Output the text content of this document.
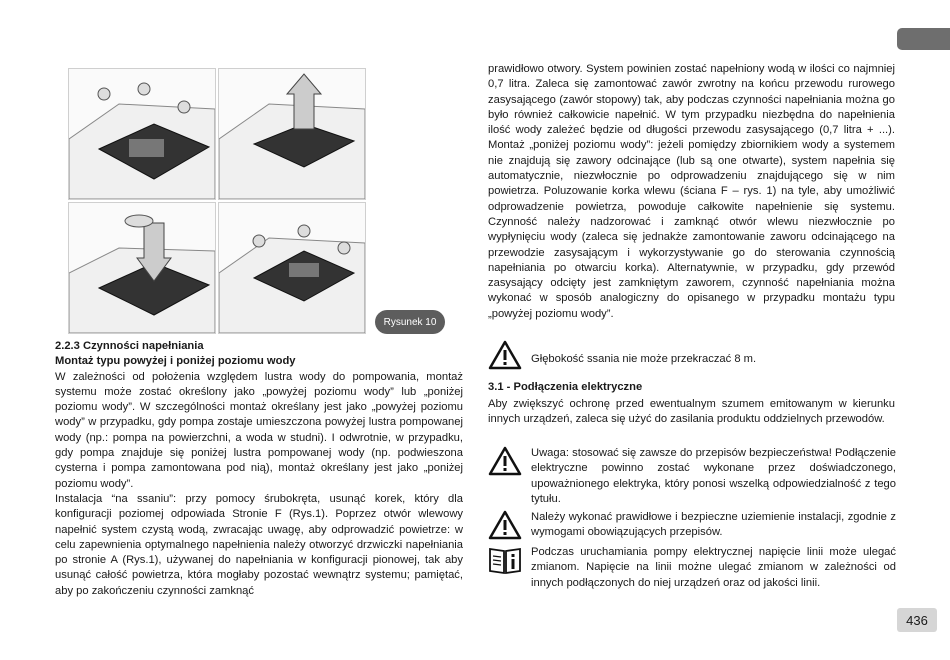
Rysunek 10

2.2.3 Czynności napełniania

Montaż typu powyżej i poniżej poziomu wody

W zależności od położenia względem lustra wody do pompowania, montaż systemu może zostać określony jako „powyżej poziomu wody” lub „poniżej poziomu wody”. W szczególności montaż określany jest jako „powyżej poziomu wody” w przypadku, gdy pompa zostaje umieszczona powyżej lustra pompowanej wody (np.: pompa na powierzchni, a woda w studni). I odwrotnie, w przypadku, gdy pompa znajduje się poniżej lustra pompowanej wody (np. podwieszona cysterna i pompa zamontowana pod nią), montaż określany jest jako „poniżej poziomu wody”.

Instalacja “na ssaniu”: przy pomocy śrubokręta, usunąć korek, który dla konfiguracji poziomej odpowiada Stronie F (Rys.1). Poprzez otwór wlewowy napełnić system czystą wodą, zwracając uwagę, aby odprowadzić powietrze: w celu zapewnienia optymalnego napełnienia należy otworzyć drzwiczki napełniania po stronie A (Rys.1), używanej do napełniania w konfiguracji pionowej, tak aby usunąć całość powietrza, która mogłaby pozostać wewnątrz systemu; pamiętać, aby po zakończeniu czynności zamknąć

prawidłowo otwory. System powinien zostać napełniony wodą w ilości co najmniej 0,7 litra. Zaleca się zamontować zawór zwrotny na końcu przewodu rurowego zasysającego (zawór stopowy) tak, aby podczas czynności napełniania można go było również całkowicie napełnić. W tym przypadku niezbędna do napełnienia ilość wody zależeć będzie od długości przewodu zasysającego (0,7 litra + ...). Montaż „poniżej poziomu wody”: jeżeli pomiędzy zbiornikiem wody a systemem nie znajdują się zawory odcinające (lub są one otwarte), system napełnia się automatycznie, niezwłocznie po odprowadzeniu znajdującego się w nim powietrza. Poluzowanie korka wlewu (ściana F – rys. 1) na tyle, aby umożliwić odprowadzenie powietrza, powoduje całkowite napełnienie się systemu. Czynność należy nadzorować i zamknąć otwór wlewu niezwłocznie po wypłynięciu wody (zaleca się jednakże zamontowanie zaworu odcinającego na przewodzie zasysającym i wykorzystywanie go do sterowania czynnością napełniania po otwarciu korka). Alternatywnie, w przypadku, gdy przewód zasysający odcięty jest zamkniętym zaworem, czynność napełniania można wykonać w sposób analogiczny do opisanego w przypadku montażu typu „powyżej poziomu wody”.

Głębokość ssania nie może przekraczać 8 m.
3.1 - Podłączenia elektryczne
Aby zwiększyć ochronę przed ewentualnym szumem emitowanym w kierunku innych urządzeń, zaleca się użyć do zasilania produktu oddzielnych przewodów.
Uwaga: stosować się zawsze do przepisów bezpieczeństwa! Podłączenie elektryczne powinno zostać wykonane przez doświadczonego, upoważnionego elektryka, który ponosi wszelką odpowiedzialność z tego tytułu.
Należy wykonać prawidłowe i bezpieczne uziemienie instalacji, zgodnie z wymogami obowiązujących przepisów.
Podczas uruchamiania pompy elektrycznej napięcie linii może ulegać zmianom. Napięcie na linii możne ulegać zmianom w zależności od innych podłączonych do niej urządzeń oraz od jakości linii.
436
